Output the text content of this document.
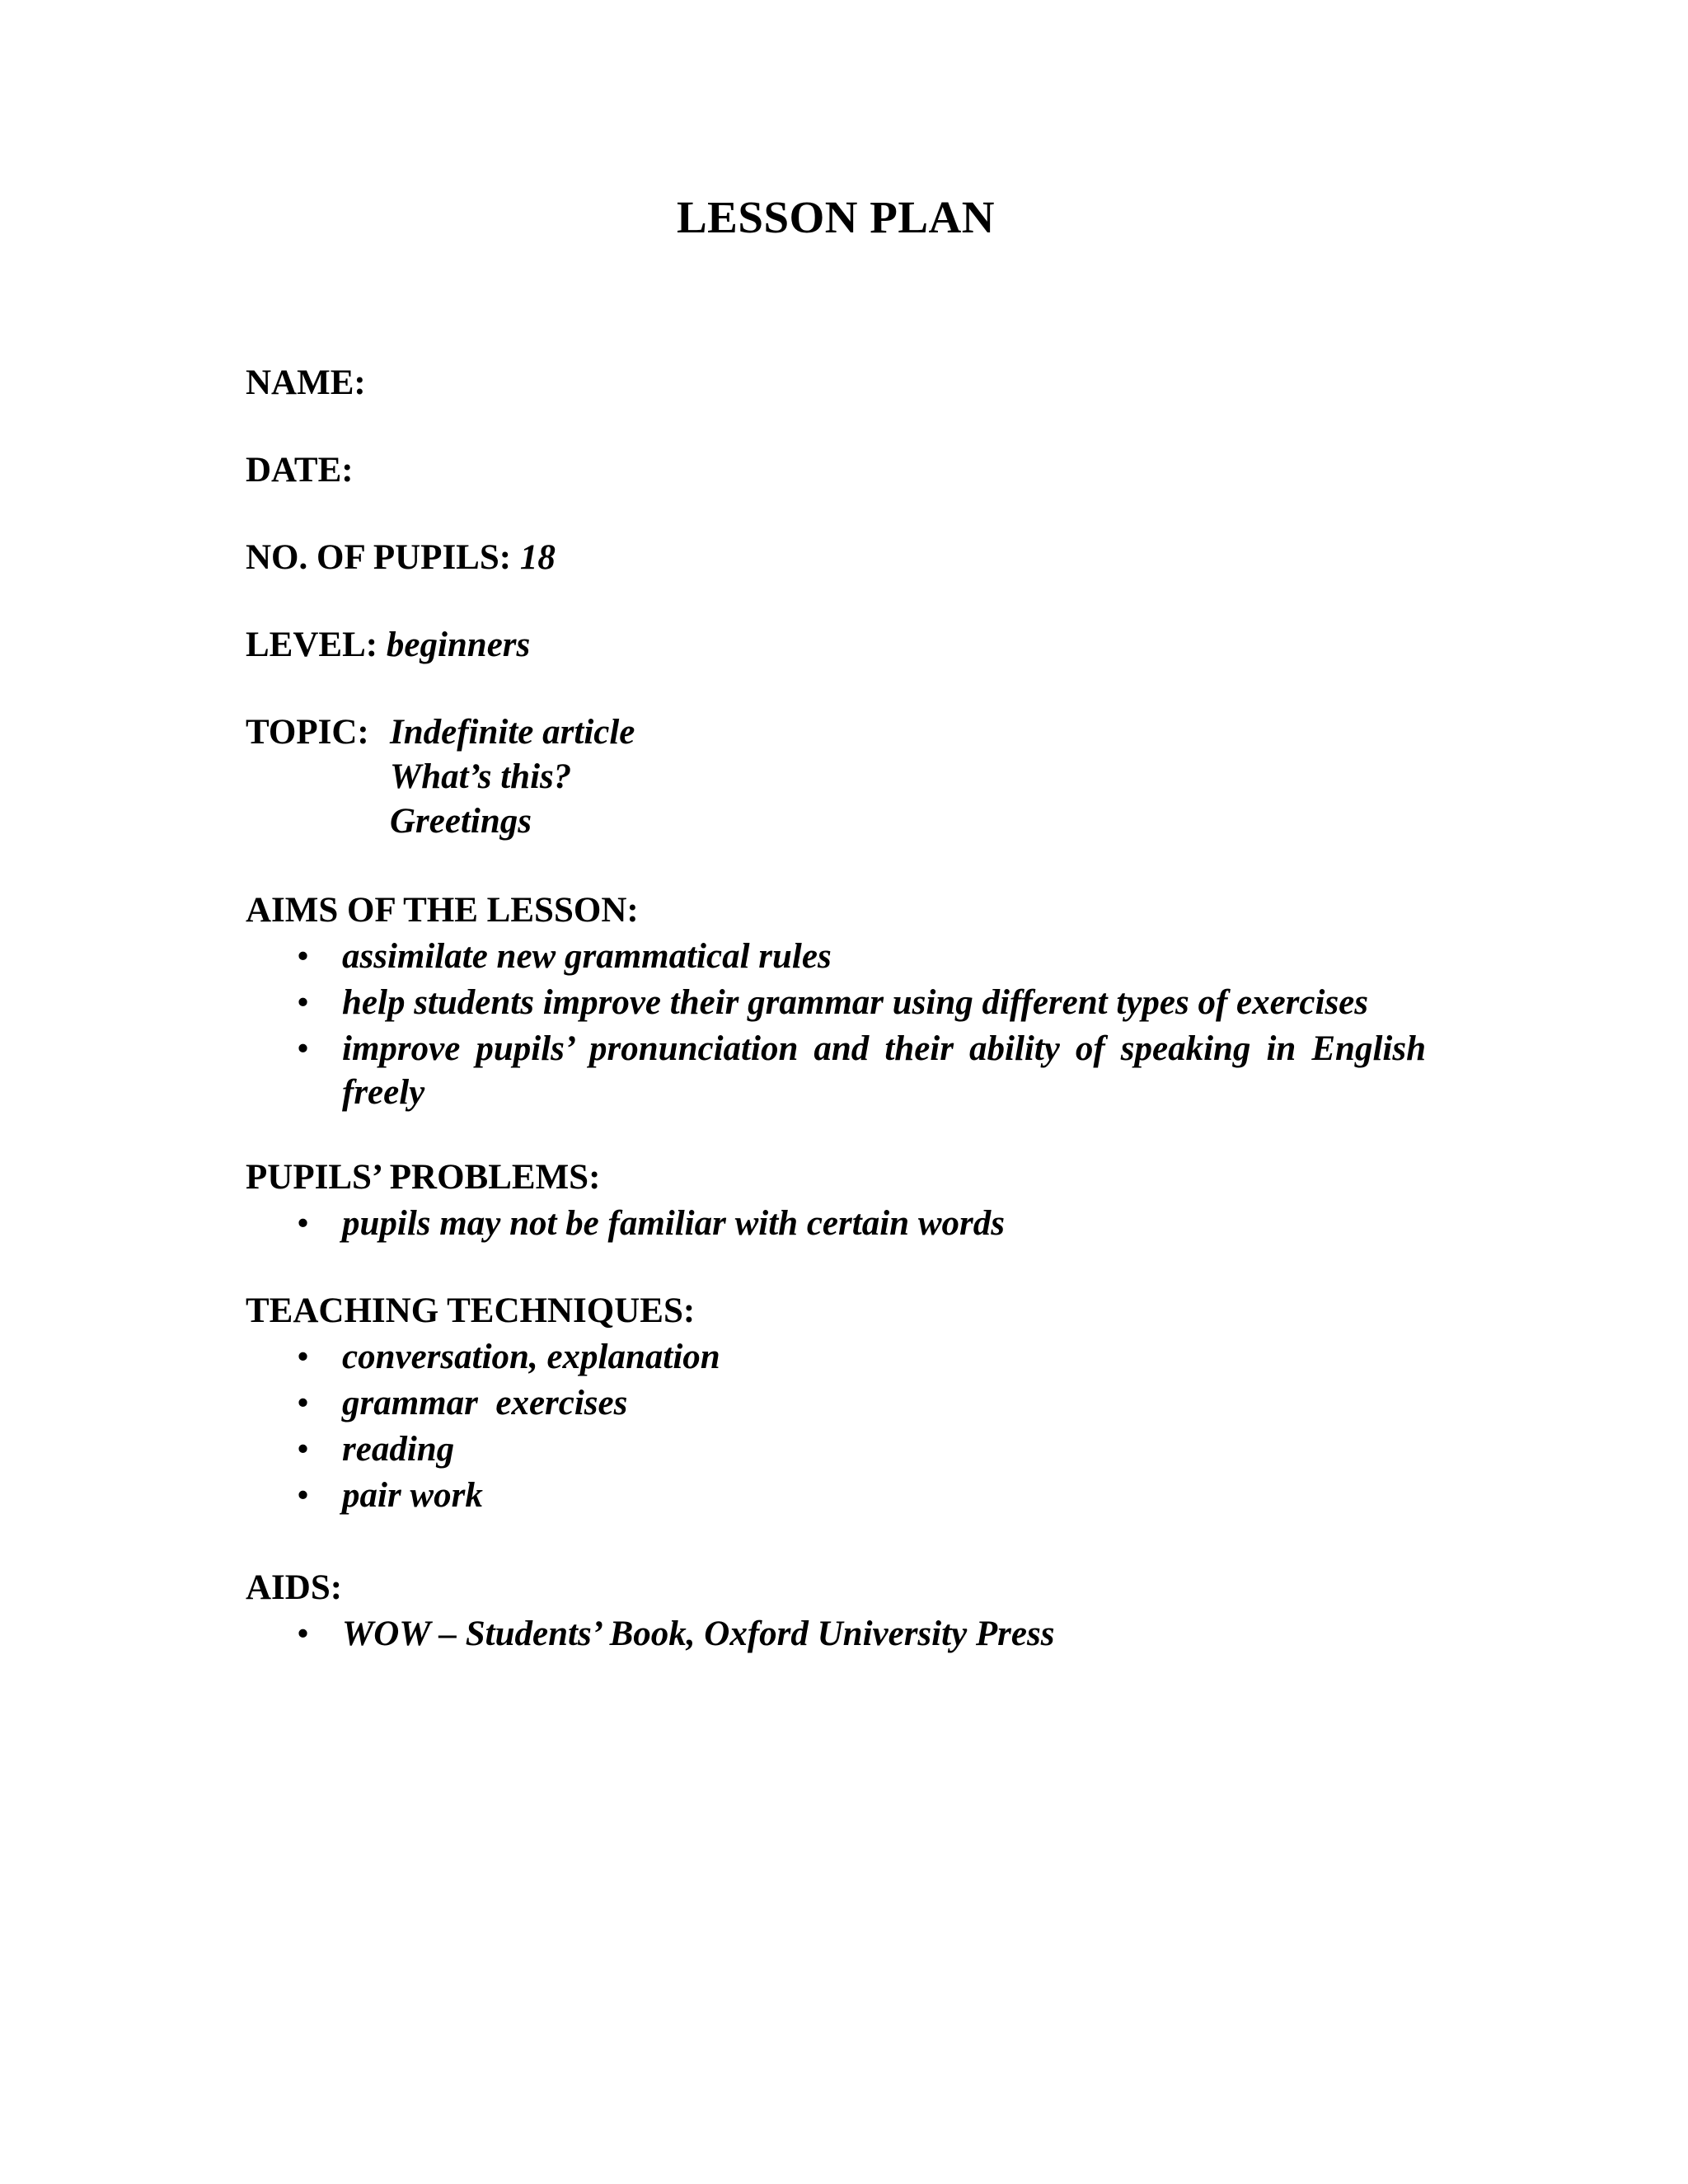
LESSON PLAN
NAME:
DATE:
NO. OF PUPILS: 18
LEVEL: beginners
TOPIC: Indefinite article
What’s this?
Greetings
AIMS OF THE LESSON:
• assimilate new grammatical rules
• help students improve their grammar using different types of exercises
• improve pupils’ pronunciation and their ability of speaking in English freely
PUPILS’ PROBLEMS:
• pupils may not be familiar with certain words
TEACHING TECHNIQUES:
• conversation, explanation
• grammar  exercises
• reading
• pair work
AIDS:
• WOW – Students’ Book, Oxford University Press
